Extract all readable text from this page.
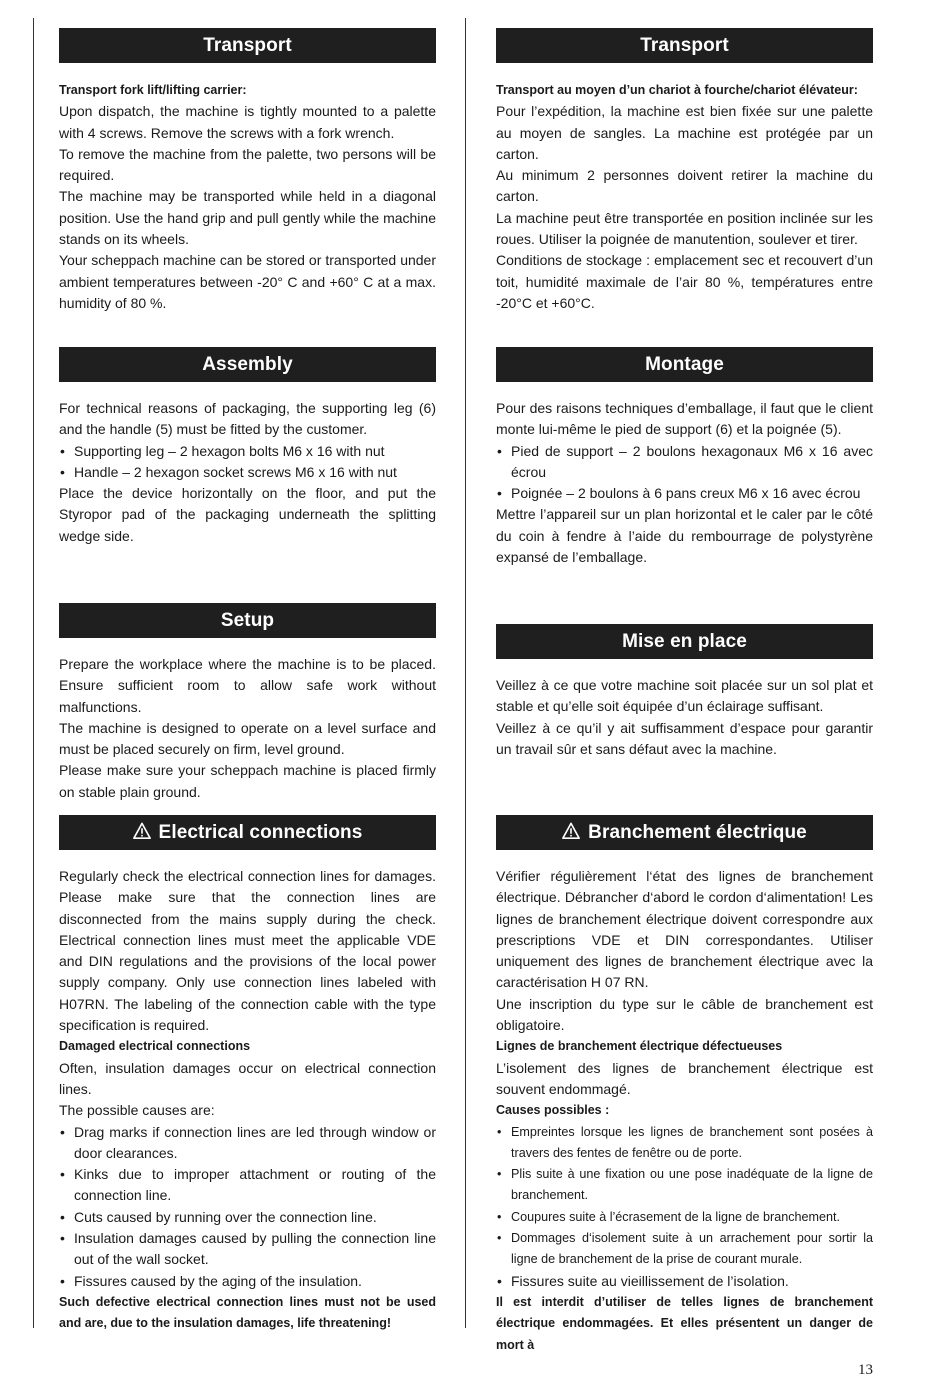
Transport

Transport fork lift/lifting carrier:

Upon dispatch, the machine is tightly mounted to a palette with 4 screws. Remove the screws with a fork wrench.

To remove the machine from the palette, two persons will be required.

The machine may be transported while held in a diagonal position. Use the hand grip and pull gently while the machine stands on its wheels.

Your scheppach machine can be stored or transported under ambient temperatures between -20° C and +60° C at a max. humidity of 80 %.

Assembly

For technical reasons of packaging, the supporting leg (6) and the handle (5) must be fitted by the customer.

• Supporting leg – 2 hexagon bolts M6 x 16 with nut
• Handle – 2 hexagon socket screws M6 x 16 with nut

Place the device horizontally on the floor, and put the Styropor pad of the packaging underneath the splitting wedge side.

Setup

Prepare the workplace where the machine is to be placed. Ensure sufficient room to allow safe work without malfunctions.

The machine is designed to operate on a level surface and must be placed securely on firm, level ground.

Please make sure your scheppach machine is placed firmly on stable plain ground.

Electrical connections

Regularly check the electrical connection lines for damages. Please make sure that the connection lines are disconnected from the mains supply during the check. Electrical connection lines must meet the applicable VDE and DIN regulations and the provisions of the local power supply company. Only use connection lines labeled with H07RN. The labeling of the connection cable with the type specification is required.

Damaged electrical connections

Often, insulation damages occur on electrical connection lines.

The possible causes are:

• Drag marks if connection lines are led through window or door clearances.
• Kinks due to improper attachment or routing of the connection line.
• Cuts caused by running over the connection line.
• Insulation damages caused by pulling the connection line out of the wall socket.
• Fissures caused by the aging of the insulation.

Such defective electrical connection lines must not be used and are, due to the insulation damages, life threatening!

Transport

Transport au moyen d’un chariot à fourche/chariot élévateur:

Pour l’expédition, la machine est bien fixée sur une palette au moyen de sangles. La machine est protégée par un carton.

Au minimum 2 personnes doivent retirer la machine du carton.

La machine peut être transportée en position inclinée sur les roues. Utiliser la poignée de manutention, soulever et tirer.

Conditions de stockage : emplacement sec et recouvert d’un toit, humidité maximale de l’air 80 %, températures entre -20°C et +60°C.

Montage

Pour des raisons techniques d’emballage, il faut que le client monte lui-même le pied de support (6) et la poignée (5).

• Pied de support – 2 boulons hexagonaux M6 x 16 avec écrou
• Poignée – 2 boulons à 6 pans creux M6 x 16 avec écrou

Mettre l’appareil sur un plan horizontal et le caler par le côté du coin à fendre à l’aide du rembourrage de polystyrène expansé de l’emballage.

Mise en place

Veillez à ce que votre machine soit placée sur un sol plat et stable et qu’elle soit équipée d’un éclairage suffisant.

Veillez à ce qu’il y ait suffisamment d’espace pour garantir un travail sûr et sans défaut avec la machine.

Branchement électrique

Vérifier régulièrement l‘état des lignes de branchement électrique. Débrancher d‘abord le cordon d‘alimentation! Les lignes de branchement électrique doivent correspondre aux prescriptions VDE et DIN correspondantes. Utiliser uniquement des lignes de branchement électrique avec la caractérisation H 07 RN.

Une inscription du type sur le câble de branchement est obligatoire.

Lignes de branchement électrique défectueuses

L’isolement des lignes de branchement électrique est souvent endommagé.

Causes possibles :

• Empreintes lorsque les lignes de branchement sont posées à travers des fentes de fenêtre ou de porte.
• Plis suite à une fixation ou une pose inadéquate de la ligne de branchement.
• Coupures suite à l’écrasement de la ligne de branchement.
• Dommages d‘isolement suite à un arrachement pour sortir la ligne de branchement de la prise de courant murale.
• Fissures suite au vieillissement de l’isolation.

Il est interdit d’utiliser de telles lignes de branchement électrique endommagées. Et elles présentent un danger de mort à

13
